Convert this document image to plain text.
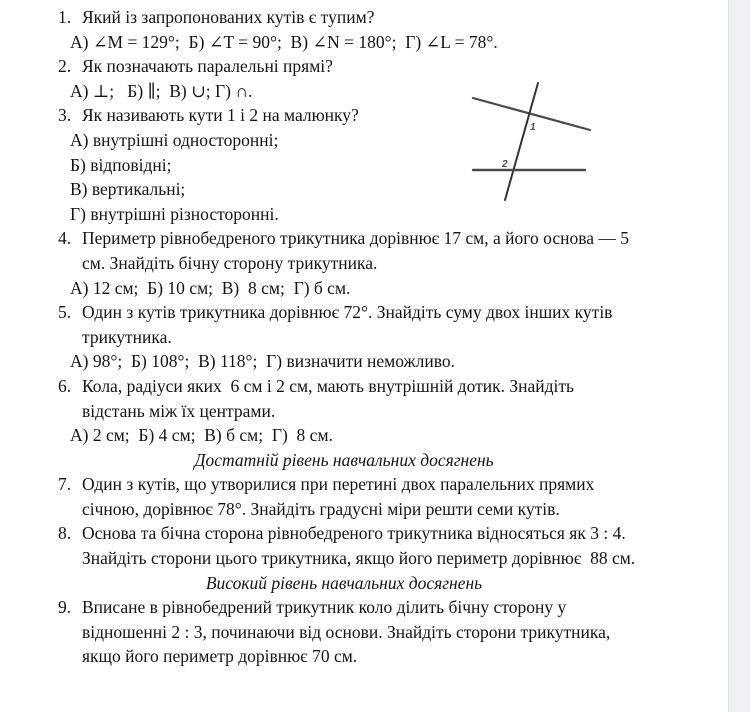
1. Який із запропонованих кутів є тупим?
А) ∠M = 129°;  Б) ∠T = 90°;  В) ∠N = 180°;  Г) ∠L = 78°.
2. Як позначають паралельні прямі?
А) ⊥;   Б) ∥;  В) ∪; Г) ∩.
3. Як називають кути 1 і 2 на малюнку?
А) внутрішні односторонні;
Б) відповідні;
В) вертикальні;
Г) внутрішні різносторонні.
4. Периметр рівнобедреного трикутника дорівнює 17 см, а його основа — 5
см. Знайдіть бічну сторону трикутника.
А) 12 см;  Б) 10 см;  В)  8 см;  Г) б см.
5. Один з кутів трикутника дорівнює 72°. Знайдіть суму двох інших кутів
трикутника.
А) 98°;  Б) 108°;  В) 118°;  Г) визначити неможливо.
6. Кола, радіуси яких  6 см і 2 см, мають внутрішній дотик. Знайдіть
відстань між їх центрами.
А) 2 см;  Б) 4 см;  В) б см;  Г)  8 см.
Достатній рівень навчальних досягнень
7. Один з кутів, що утворилися при перетині двох паралельних прямих
січною, дорівнює 78°. Знайдіть градусні міри решти семи кутів.
8. Основа та бічна сторона рівнобедреного трикутника відносяться як 3 : 4.
Знайдіть сторони цього трикутника, якщо його периметр дорівнює  88 см.
Високий рівень навчальних досягнень
9. Вписане в рівнобедрений трикутник коло ділить бічну сторону у
відношенні 2 : 3, починаючи від основи. Знайдіть сторони трикутника,
якщо його периметр дорівнює 70 см.
1
2
